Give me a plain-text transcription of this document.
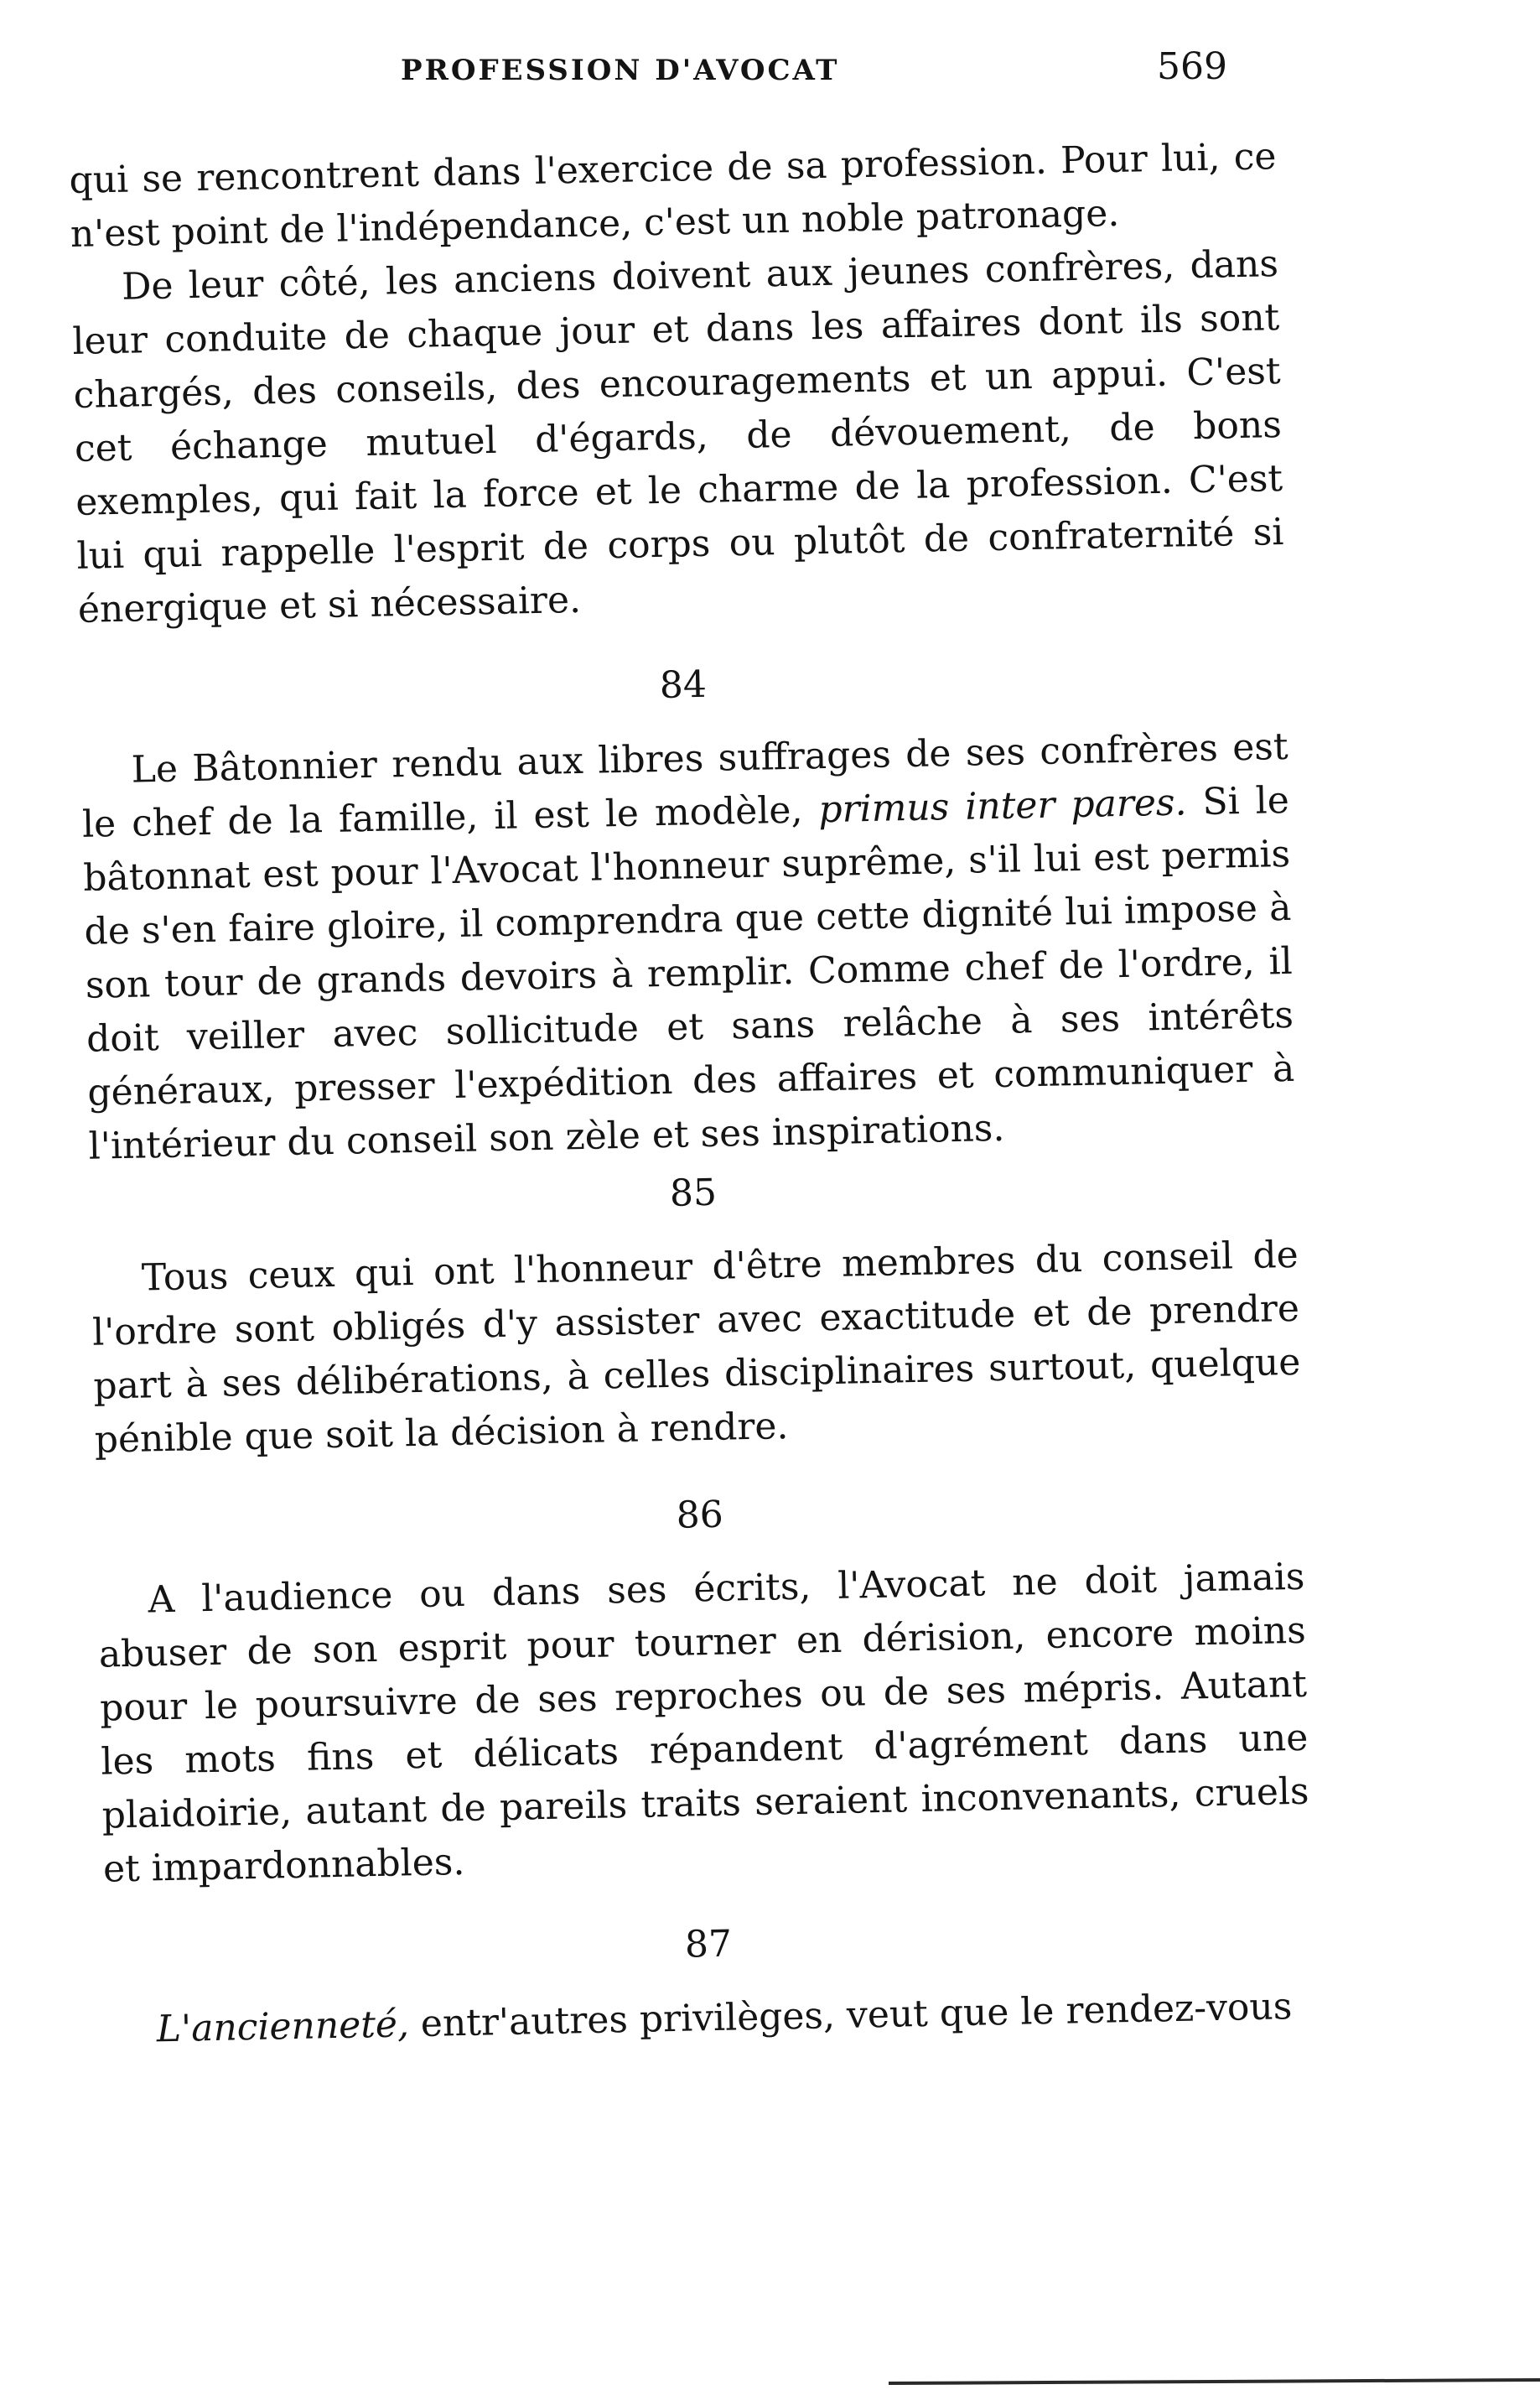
PROFESSION D'AVOCAT	569

qui se rencontrent dans l'exercice de sa profession. Pour lui, ce n'est point de l'indépendance, c'est un noble patronage.

De leur côté, les anciens doivent aux jeunes confrères, dans leur conduite de chaque jour et dans les affaires dont ils sont chargés, des conseils, des encouragements et un appui. C'est cet échange mutuel d'égards, de dévouement, de bons exemples, qui fait la force et le charme de la profession. C'est lui qui rappelle l'esprit de corps ou plutôt de confraternité si énergique et si nécessaire.

84

Le Bâtonnier rendu aux libres suffrages de ses confrères est le chef de la famille, il est le modèle, primus inter pares. Si le bâtonnat est pour l'Avocat l'honneur suprême, s'il lui est permis de s'en faire gloire, il comprendra que cette dignité lui impose à son tour de grands devoirs à remplir. Comme chef de l'ordre, il doit veiller avec sollicitude et sans relâche à ses intérêts généraux, presser l'expédition des affaires et communiquer à l'intérieur du conseil son zèle et ses inspirations.

85

Tous ceux qui ont l'honneur d'être membres du conseil de l'ordre sont obligés d'y assister avec exactitude et de prendre part à ses délibérations, à celles disciplinaires surtout, quelque pénible que soit la décision à rendre.

86

A l'audience ou dans ses écrits, l'Avocat ne doit jamais abuser de son esprit pour tourner en dérision, encore moins pour le poursuivre de ses reproches ou de ses mépris. Autant les mots fins et délicats répandent d'agrément dans une plaidoirie, autant de pareils traits seraient inconvenants, cruels et impardonnables.

87

L'ancienneté, entr'autres privilèges, veut que le rendez-vous
